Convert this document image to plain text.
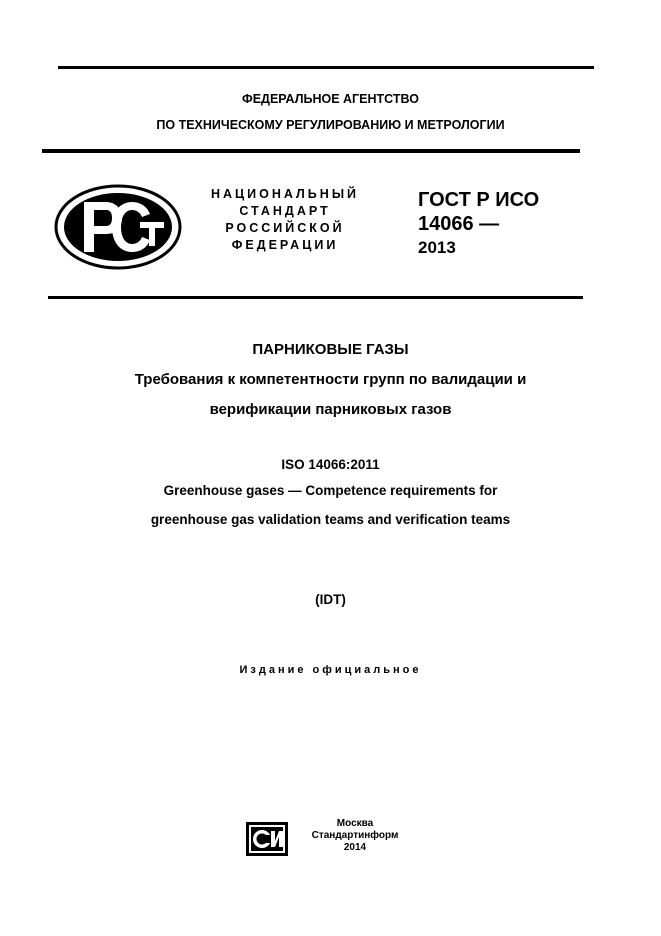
ФЕДЕРАЛЬНОЕ АГЕНТСТВО
ПО ТЕХНИЧЕСКОМУ РЕГУЛИРОВАНИЮ И МЕТРОЛОГИИ
НАЦИОНАЛЬНЫЙ
СТАНДАРТ
РОССИЙСКОЙ
ФЕДЕРАЦИИ
ГОСТ Р ИСО
14066 —
2013
ПАРНИКОВЫЕ ГАЗЫ
Требования к компетентности групп по валидации и
верификации парниковых газов
ISO 14066:2011
Greenhouse gases — Competence requirements for
greenhouse gas validation teams and verification teams
(IDT)
Издание официальное
Москва
Стандартинформ
2014
